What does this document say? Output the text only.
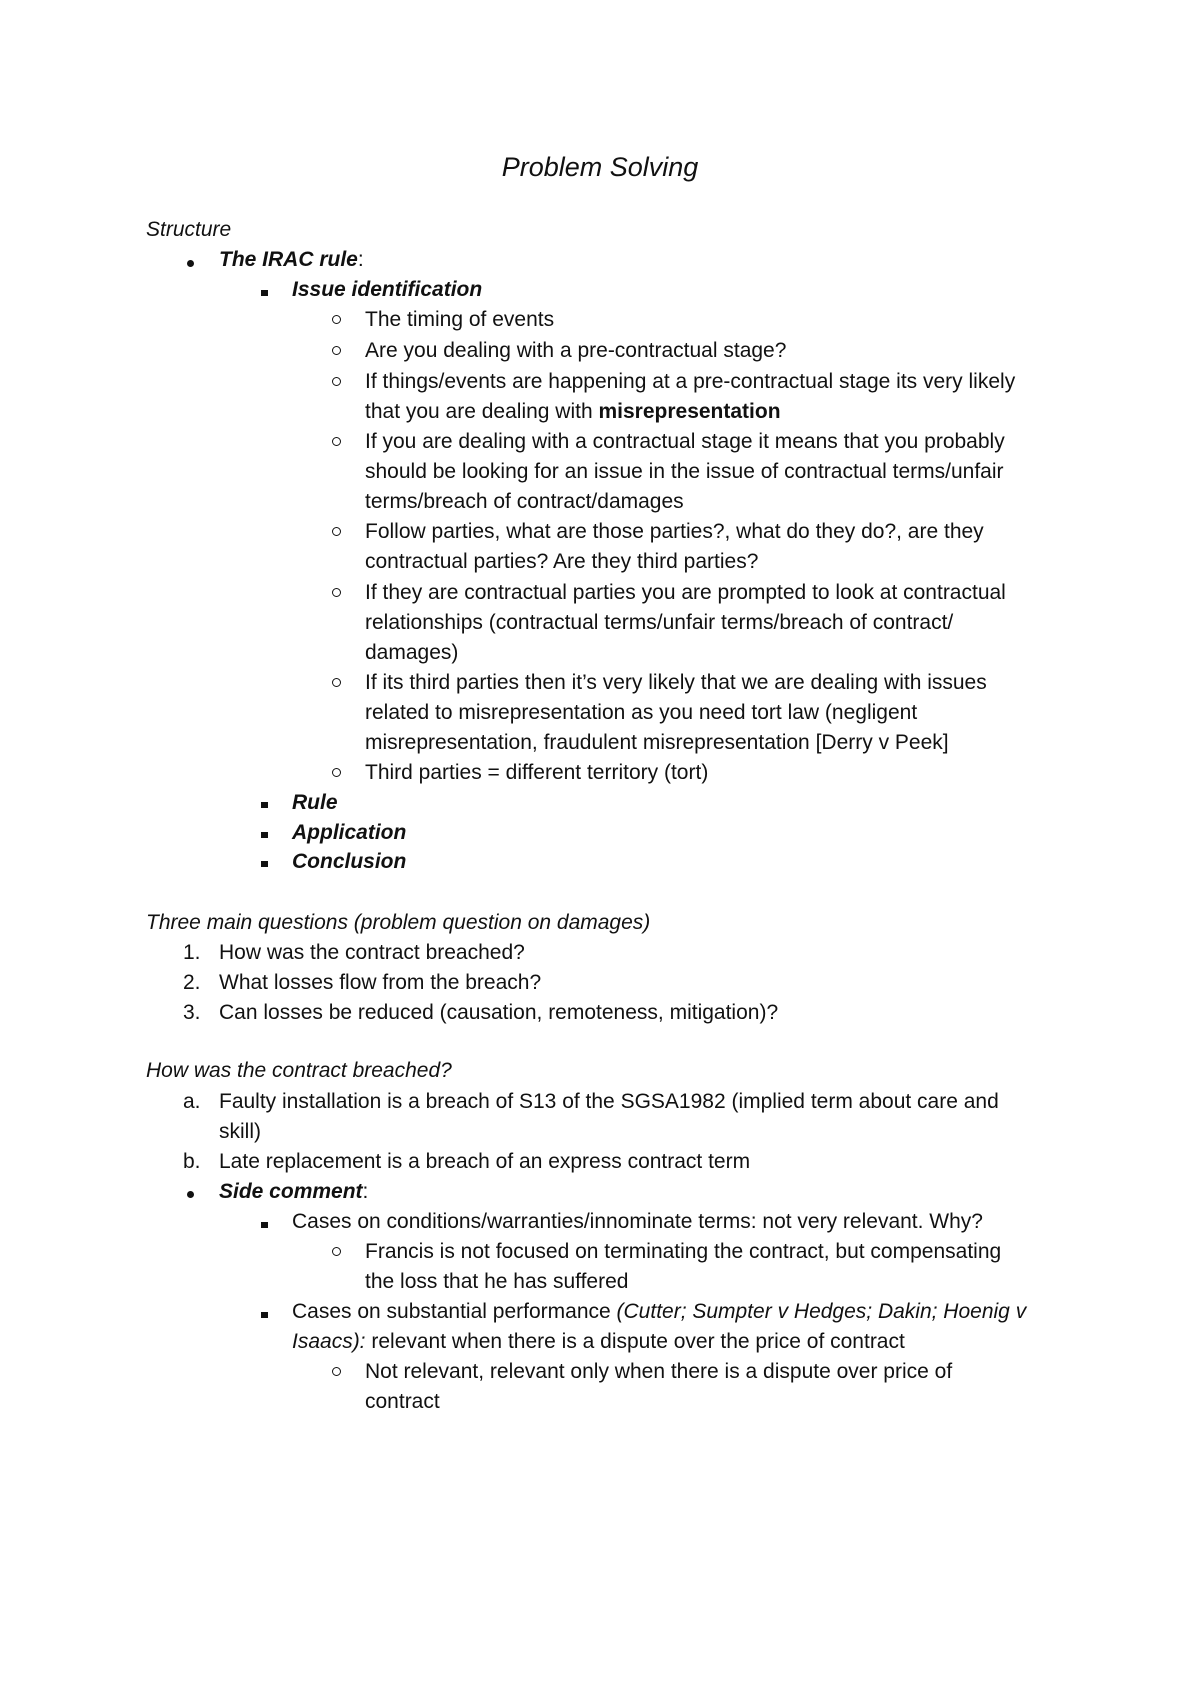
Problem Solving
Structure
The IRAC rule:
Issue identification
The timing of events
Are you dealing with a pre-contractual stage?
If things/events are happening at a pre-contractual stage its very likely
that you are dealing with misrepresentation
If you are dealing with a contractual stage it means that you probably
should be looking for an issue in the issue of contractual terms/unfair
terms/breach of contract/damages
Follow parties, what are those parties?, what do they do?, are they
contractual parties? Are they third parties?
If they are contractual parties you are prompted to look at contractual
relationships (contractual terms/unfair terms/breach of contract/
damages)
If its third parties then it’s very likely that we are dealing with issues
related to misrepresentation as you need tort law (negligent
misrepresentation, fraudulent misrepresentation [Derry v Peek]
Third parties = different territory (tort)
Rule
Application
Conclusion
Three main questions (problem question on damages)
1. How was the contract breached?
2. What losses flow from the breach?
3. Can losses be reduced (causation, remoteness, mitigation)?
How was the contract breached?
a. Faulty installation is a breach of S13 of the SGSA1982 (implied term about care and
skill)
b. Late replacement is a breach of an express contract term
Side comment:
Cases on conditions/warranties/innominate terms: not very relevant. Why?
Francis is not focused on terminating the contract, but compensating
the loss that he has suffered
Cases on substantial performance (Cutter; Sumpter v Hedges; Dakin; Hoenig v
Isaacs): relevant when there is a dispute over the price of contract
Not relevant, relevant only when there is a dispute over price of
contract
